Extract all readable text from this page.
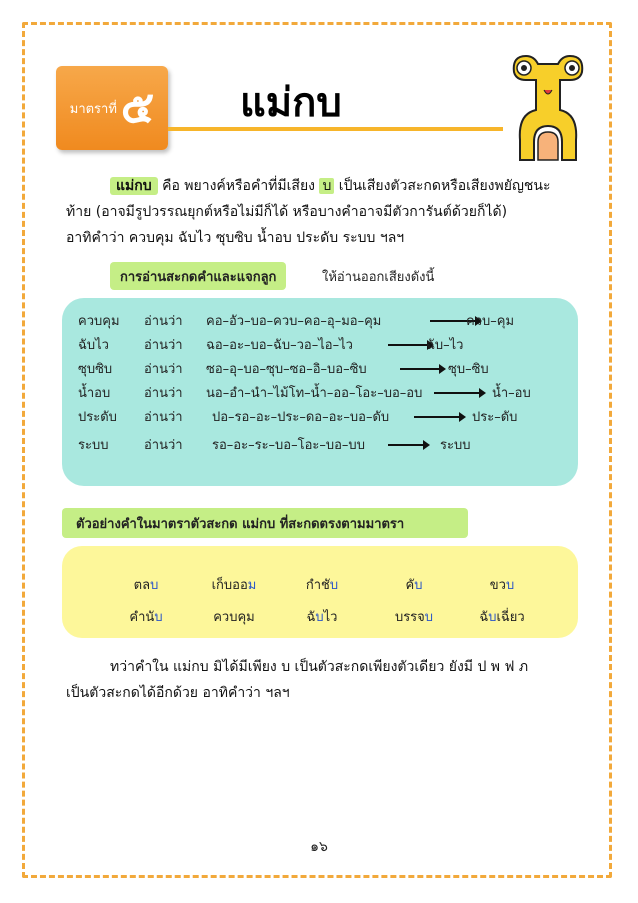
มาตราที่ ๕ แม่กบ
แม่กบ คือ พยางค์หรือคำที่มีเสียง บ เป็นเสียงตัวสะกดหรือเสียงพยัญชนะ
ท้าย (อาจมีรูปวรรณยุกต์หรือไม่มีก็ได้ หรือบางคำอาจมีตัวการันต์ด้วยก็ได้)
อาทิคำว่า ควบคุม ฉับไว ซุบซิบ น้ำอบ ประดับ ระบบ ฯลฯ
การอ่านสะกดคำและแจกลูก	ให้อ่านออกเสียงดังนี้
ควบคุม อ่านว่า คอ–อัว–บอ–ควบ–คอ–อุ–มอ–คุม	ควบ–คุม
ฉับไว	อ่านว่า ฉอ–อะ–บอ–ฉับ–วอ–ไอ–ไว	ฉับ–ไว
ซุบซิบ อ่านว่า ซอ–อุ–บอ–ซุบ–ซอ–อิ–บอ–ซิบ	ซุบ–ซิบ
น้ำอบ	อ่านว่า นอ–อำ–นำ–ไม้โท–น้ำ–ออ–โอะ–บอ–อบ	น้ำ–อบ
ประดับ อ่านว่า ปอ–รอ–อะ–ประ–ดอ–อะ–บอ–ดับ	ประ–ดับ
ระบบ	อ่านว่า รอ–อะ–ระ–บอ–โอะ–บอ–บบ	ระบบ
ตัวอย่างคำในมาตราตัวสะกด แม่กบ ที่สะกดตรงตามมาตรา
ตลบ	เก็บออม	กำชับ	คับ	ขวบ
คำนับ	ควบคุม	ฉับไว	บรรจบ	ฉับเฉี่ยว
ทว่าคำใน แม่กบ มิได้มีเพียง บ เป็นตัวสะกดเพียงตัวเดียว ยังมี ป พ ฟ ภ
เป็นตัวสะกดได้อีกด้วย อาทิคำว่า ฯลฯ
๑๖
